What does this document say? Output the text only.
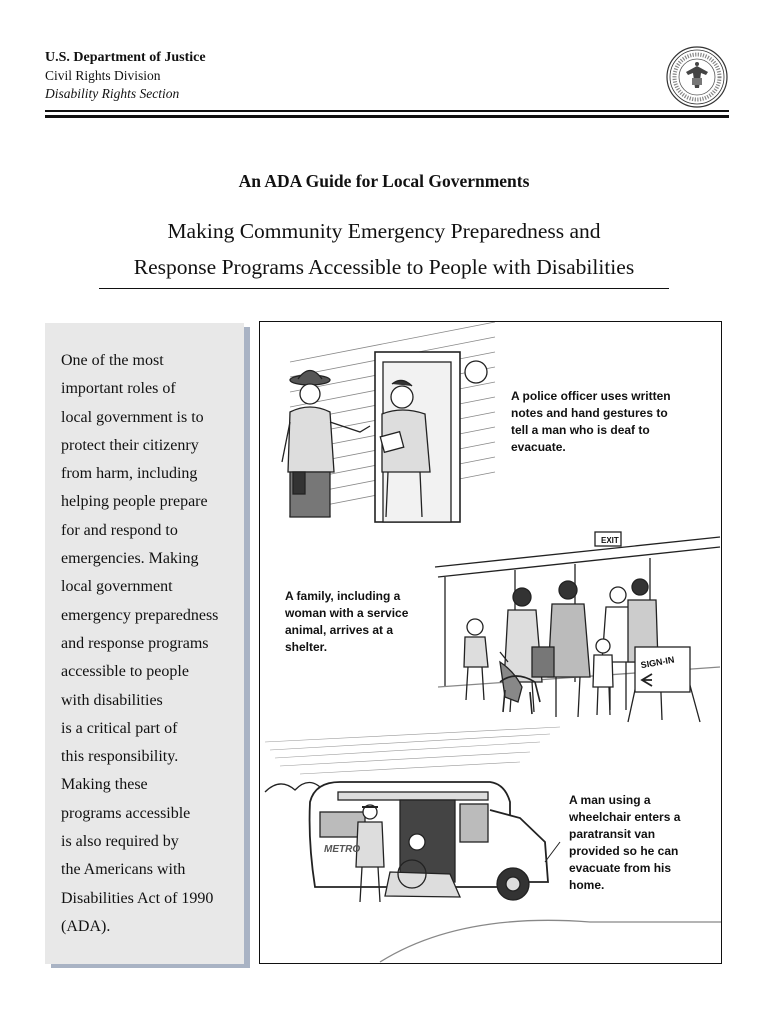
U.S. Department of Justice
Civil Rights Division
Disability Rights Section
An ADA Guide for Local Governments
Making Community Emergency Preparedness and
Response Programs Accessible to People with Disabilities

One of the most
important roles of
local government is to
protect their citizenry
from harm, including
helping people prepare
for and respond to
emergencies. Making
local government
emergency preparedness
and response programs
accessible to people
with disabilities
is a critical part of
this responsibility.
Making these
programs accessible
is also required by
the Americans with
Disabilities Act of 1990
(ADA).

EXIT
SIGN-IN
METRO
A police officer uses written
notes and hand gestures to
tell a man who is deaf to
evacuate.
A family, including a
woman with a service
animal, arrives at a
shelter.
A man using a
wheelchair enters a
paratransit van
provided so he can
evacuate from his
home.
